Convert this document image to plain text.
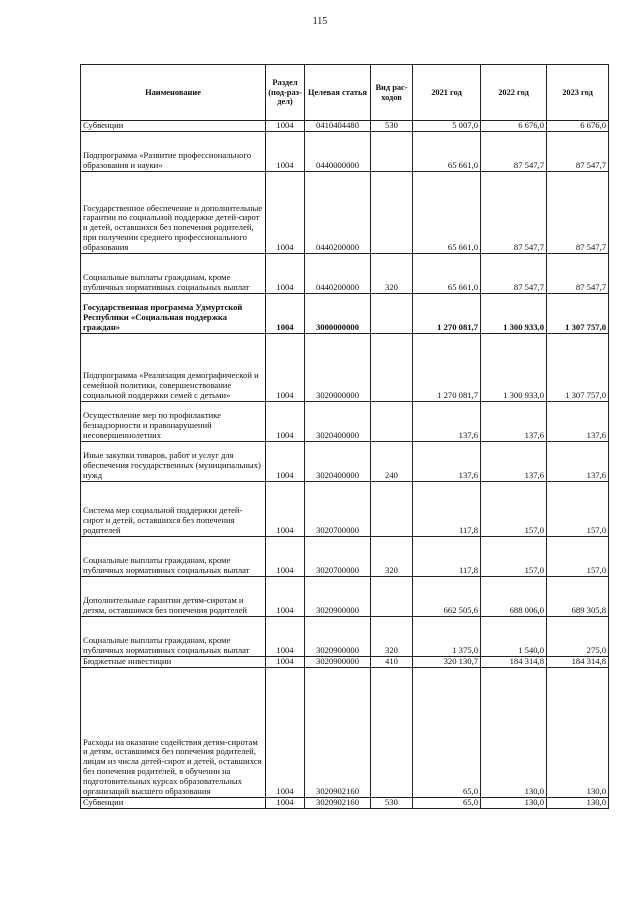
115
Наименование	Раздел (под-раз-дел)	Целевая статья	Вид рас-ходов	2021 год	2022 год	2023 год
Субвенции	1004	0410404480	530	5 007,0	6 676,0	6 676,0
Подпрограмма «Развитие профессионального образования и науки»	1004	0440000000		65 661,0	87 547,7	87 547,7
Государственное обеспечение и дополнительные гарантии по социальной поддержке детей-сирот и детей, оставшихся без попечения родителей, при получении среднего профессионального образования	1004	0440200000		65 661,0	87 547,7	87 547,7
Социальные выплаты гражданам, кроме публичных нормативных социальных выплат	1004	0440200000	320	65 661,0	87 547,7	87 547,7
Государственная программа Удмуртской Республики «Социальная поддержка граждан»	1004	3000000000		1 270 081,7	1 300 933,0	1 307 757,0
Подпрограмма «Реализация демографической и семейной политики, совершенствование социальной поддержки семей с детьми»	1004	3020000000		1 270 081,7	1 300 933,0	1 307 757,0
Осуществление мер по профилактике безнадзорности и правонарушений несовершеннолетних	1004	3020400000		137,6	137,6	137,6
Иные закупки товаров, работ и услуг для обеспечения государственных (муниципальных) нужд	1004	3020400000	240	137,6	137,6	137,6
Система мер социальной поддержки детей-сирот и детей, оставшихся без попечения родителей	1004	3020700000		117,8	157,0	157,0
Социальные выплаты гражданам, кроме публичных нормативных социальных выплат	1004	3020700000	320	117,8	157,0	157,0
Дополнительные гарантии детям-сиротам и детям, оставшимся без попечения родителей	1004	3020900000		662 505,6	688 006,0	689 305,8
Социальные выплаты гражданам, кроме публичных нормативных социальных выплат	1004	3020900000	320	1 375,0	1 540,0	275,0
Бюджетные инвестиции	1004	3020900000	410	320 130,7	184 314,8	184 314,8
Расходы на оказание содействия детям-сиротам и детям, оставшимся без попечения родителей, лицам из числа детей-сирот и детей, оставшихся без попечения родителей, в обучении на подготовительных курсах образовательных организаций высшего образования	1004	3020902160		65,0	130,0	130,0
Субвенции	1004	3020902160	530	65,0	130,0	130,0
